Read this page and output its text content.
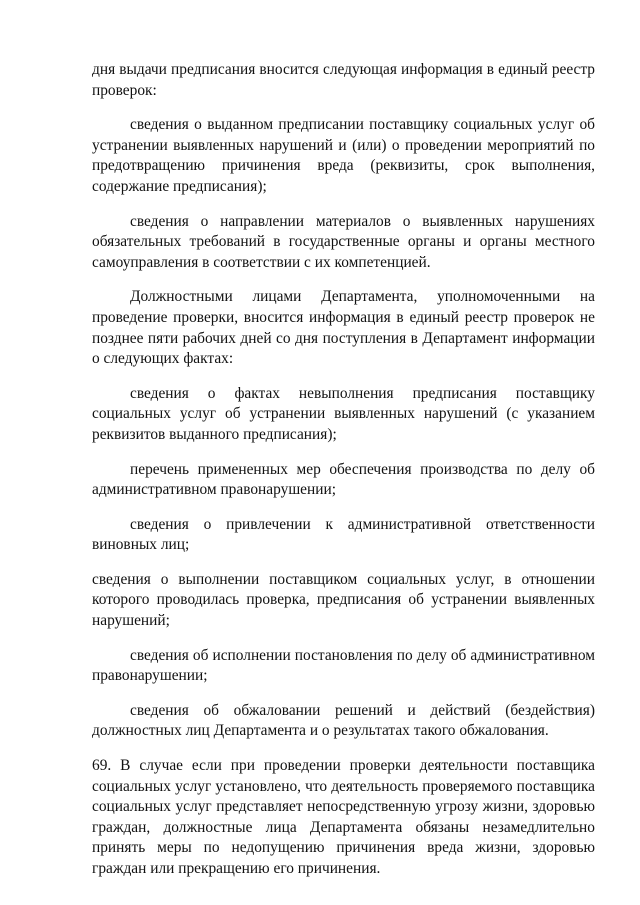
дня выдачи предписания вносится следующая информация в единый реестр проверок:

сведения о выданном предписании поставщику социальных услуг об устранении выявленных нарушений и (или) о проведении мероприятий по предотвращению причинения вреда (реквизиты, срок выполнения, содержание предписания);

сведения о направлении материалов о выявленных нарушениях обязательных требований в государственные органы и органы местного самоуправления в соответствии с их компетенцией.

Должностными лицами Департамента, уполномоченными на проведение проверки, вносится информация в единый реестр проверок не позднее пяти рабочих дней со дня поступления в Департамент информации о следующих фактах:

сведения о фактах невыполнения предписания поставщику социальных услуг об устранении выявленных нарушений (с указанием реквизитов выданного предписания);

перечень примененных мер обеспечения производства по делу об административном правонарушении;

сведения о привлечении к административной ответственности виновных лиц;

сведения о выполнении поставщиком социальных услуг, в отношении которого проводилась проверка, предписания об устранении выявленных нарушений;

сведения об исполнении постановления по делу об административном правонарушении;

сведения об обжаловании решений и действий (бездействия) должностных лиц Департамента и о результатах такого обжалования.

69. В случае если при проведении проверки деятельности поставщика социальных услуг установлено, что деятельность проверяемого поставщика социальных услуг представляет непосредственную угрозу жизни, здоровью граждан, должностные лица Департамента обязаны незамедлительно принять меры по недопущению причинения вреда жизни, здоровью граждан или прекращению его причинения.
